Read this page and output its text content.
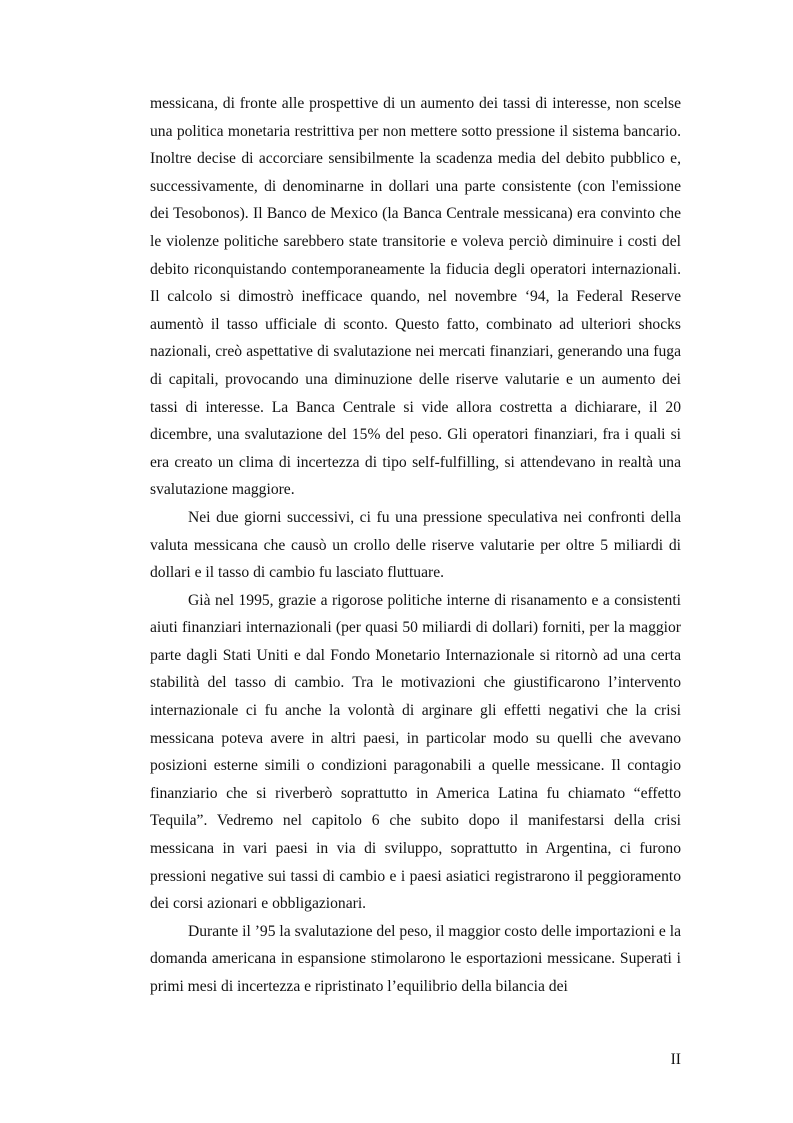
messicana, di fronte alle prospettive di un aumento dei tassi di interesse, non scelse una politica monetaria restrittiva per non mettere sotto pressione il sistema bancario. Inoltre decise di accorciare sensibilmente la scadenza media del debito pubblico e, successivamente, di denominarne in dollari una parte consistente (con l'emissione dei Tesobonos). Il Banco de Mexico (la Banca Centrale messicana) era convinto che le violenze politiche sarebbero state transitorie e voleva perciò diminuire i costi del debito riconquistando contemporaneamente la fiducia degli operatori internazionali. Il calcolo si dimostrò inefficace quando, nel novembre ‘94, la Federal Reserve aumentò il tasso ufficiale di sconto. Questo fatto, combinato ad ulteriori shocks nazionali, creò aspettative di svalutazione nei mercati finanziari, generando una fuga di capitali, provocando una diminuzione delle riserve valutarie e un aumento dei tassi di interesse. La Banca Centrale si vide allora costretta a dichiarare, il 20 dicembre, una svalutazione del 15% del peso. Gli operatori finanziari, fra i quali si era creato un clima di incertezza di tipo self-fulfilling, si attendevano in realtà una svalutazione maggiore.

Nei due giorni successivi, ci fu una pressione speculativa nei confronti della valuta messicana che causò un crollo delle riserve valutarie per oltre 5 miliardi di dollari e il tasso di cambio fu lasciato fluttuare.

Già nel 1995, grazie a rigorose politiche interne di risanamento e a consistenti aiuti finanziari internazionali (per quasi 50 miliardi di dollari) forniti, per la maggior parte dagli Stati Uniti e dal Fondo Monetario Internazionale si ritornò ad una certa stabilità del tasso di cambio. Tra le motivazioni che giustificarono l’intervento internazionale ci fu anche la volontà di arginare gli effetti negativi che la crisi messicana poteva avere in altri paesi, in particolar modo su quelli che avevano posizioni esterne simili o condizioni paragonabili a quelle messicane. Il contagio finanziario che si riverberò soprattutto in America Latina fu chiamato “effetto Tequila”. Vedremo nel capitolo 6 che subito dopo il manifestarsi della crisi messicana in vari paesi in via di sviluppo, soprattutto in Argentina, ci furono pressioni negative sui tassi di cambio e i paesi asiatici registrarono il peggioramento dei corsi azionari e obbligazionari.

Durante il ’95 la svalutazione del peso, il maggior costo delle importazioni e la domanda americana in espansione stimolarono le esportazioni messicane. Superati i primi mesi di incertezza e ripristinato l’equilibrio della bilancia dei

II
